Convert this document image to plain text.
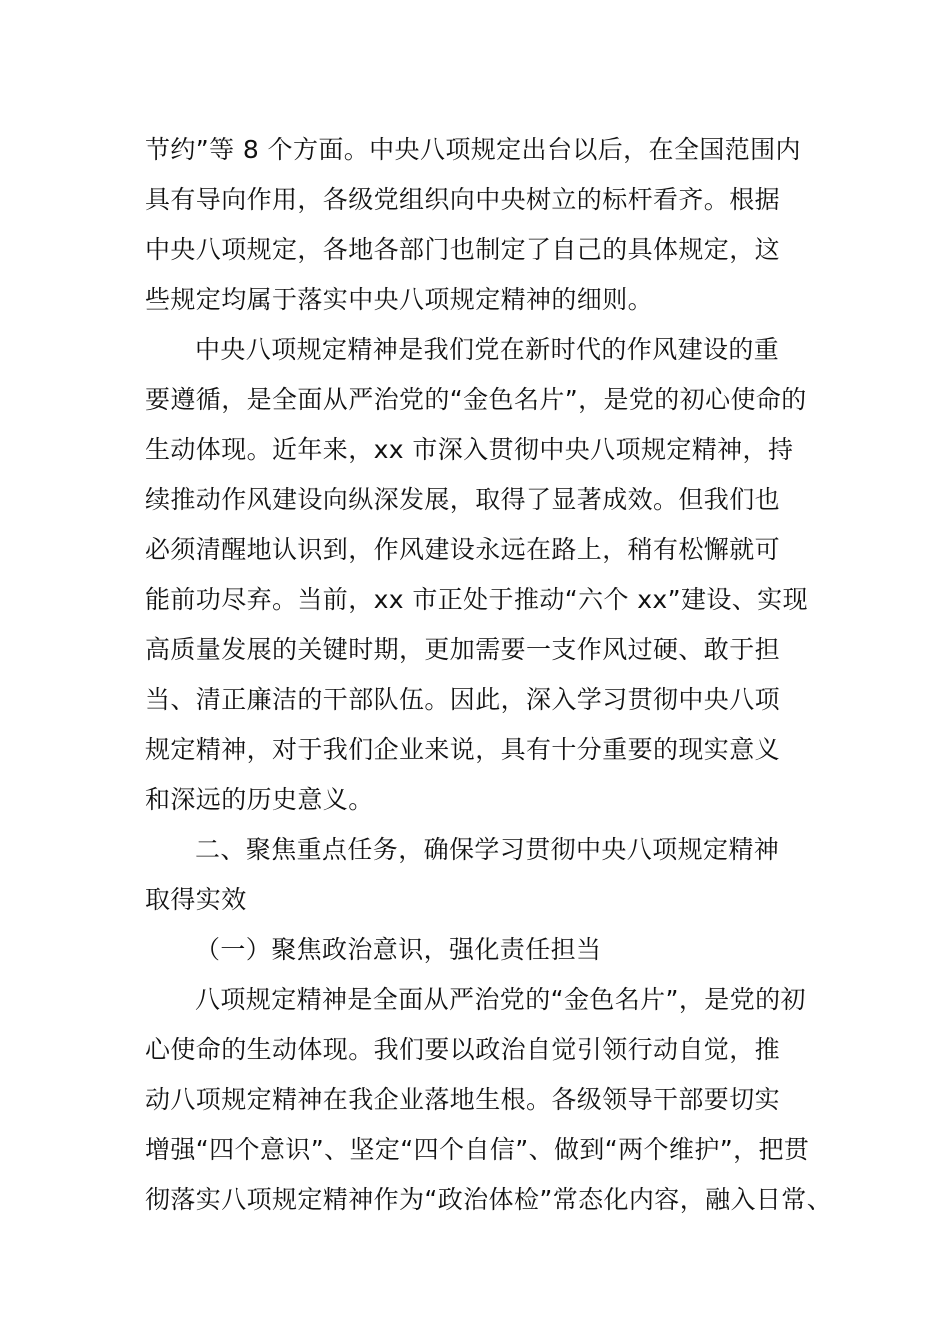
节约”等 8 个方面。中央八项规定出台以后，在全国范围内
具有导向作用，各级党组织向中央树立的标杆看齐。根据
中央八项规定，各地各部门也制定了自己的具体规定，这
些规定均属于落实中央八项规定精神的细则。
中央八项规定精神是我们党在新时代的作风建设的重
要遵循，是全面从严治党的“金色名片”，是党的初心使命的
生动体现。近年来，xx 市深入贯彻中央八项规定精神，持
续推动作风建设向纵深发展，取得了显著成效。但我们也
必须清醒地认识到，作风建设永远在路上，稍有松懈就可
能前功尽弃。当前，xx 市正处于推动“六个 xx”建设、实现
高质量发展的关键时期，更加需要一支作风过硬、敢于担
当、清正廉洁的干部队伍。因此，深入学习贯彻中央八项
规定精神，对于我们企业来说，具有十分重要的现实意义
和深远的历史意义。
二、聚焦重点任务，确保学习贯彻中央八项规定精神
取得实效
（一）聚焦政治意识，强化责任担当
八项规定精神是全面从严治党的“金色名片”，是党的初
心使命的生动体现。我们要以政治自觉引领行动自觉，推
动八项规定精神在我企业落地生根。各级领导干部要切实
增强“四个意识”、坚定“四个自信”、做到“两个维护”，把贯
彻落实八项规定精神作为“政治体检”常态化内容，融入日常、
